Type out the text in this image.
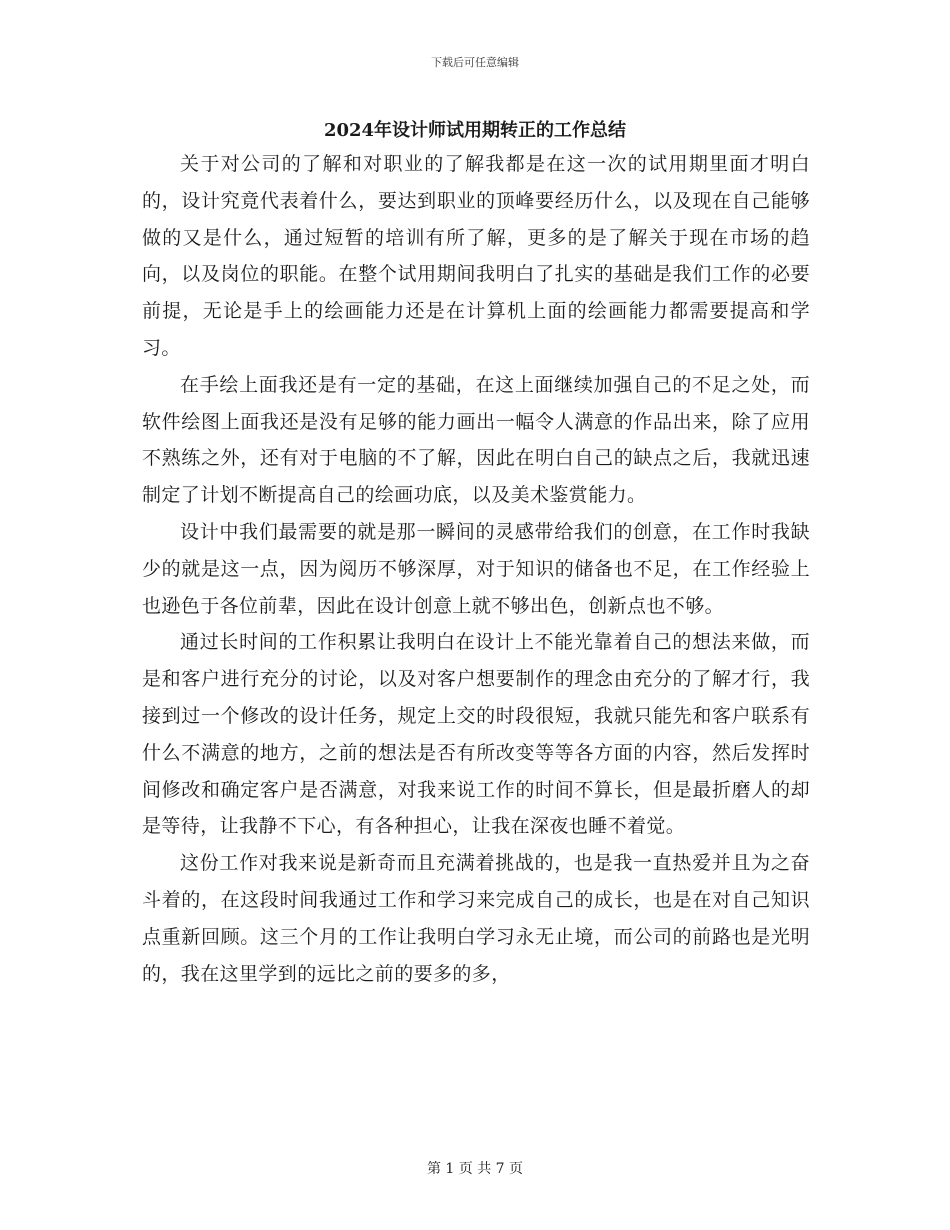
下载后可任意编辑
2024年设计师试用期转正的工作总结

关于对公司的了解和对职业的了解我都是在这一次的试用期里面才明白的，设计究竟代表着什么，要达到职业的顶峰要经历什么，以及现在自己能够做的又是什么，通过短暂的培训有所了解，更多的是了解关于现在市场的趋向，以及岗位的职能。在整个试用期间我明白了扎实的基础是我们工作的必要前提，无论是手上的绘画能力还是在计算机上面的绘画能力都需要提高和学习。

在手绘上面我还是有一定的基础，在这上面继续加强自己的不足之处，而软件绘图上面我还是没有足够的能力画出一幅令人满意的作品出来，除了应用不熟练之外，还有对于电脑的不了解，因此在明白自己的缺点之后，我就迅速制定了计划不断提高自己的绘画功底，以及美术鉴赏能力。

设计中我们最需要的就是那一瞬间的灵感带给我们的创意，在工作时我缺少的就是这一点，因为阅历不够深厚，对于知识的储备也不足，在工作经验上也逊色于各位前辈，因此在设计创意上就不够出色，创新点也不够。

通过长时间的工作积累让我明白在设计上不能光靠着自己的想法来做，而是和客户进行充分的讨论，以及对客户想要制作的理念由充分的了解才行，我接到过一个修改的设计任务，规定上交的时段很短，我就只能先和客户联系有什么不满意的地方，之前的想法是否有所改变等等各方面的内容，然后发挥时间修改和确定客户是否满意，对我来说工作的时间不算长，但是最折磨人的却是等待，让我静不下心，有各种担心，让我在深夜也睡不着觉。

这份工作对我来说是新奇而且充满着挑战的，也是我一直热爱并且为之奋斗着的，在这段时间我通过工作和学习来完成自己的成长，也是在对自己知识点重新回顾。这三个月的工作让我明白学习永无止境，而公司的前路也是光明的，我在这里学到的远比之前的要多的多，

第 1 页 共 7 页
